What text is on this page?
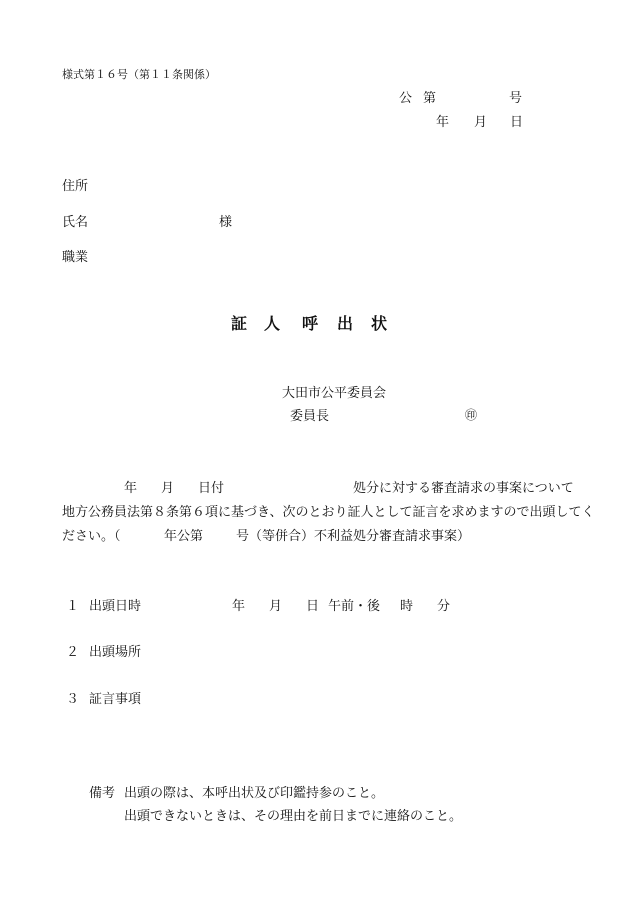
様式第１６号（第１１条関係）
公 第	号
年 月 日
住所
氏名	様
職業
証 人 呼 出 状
大田市公平委員会
委員長	㊞
年 月 日付	処分に対する審査請求の事案について
地方公務員法第８条第６項に基づき、次のとおり証人として証言を求めますので出頭してく
ださい。（	年公第	号（等併合）不利益処分審査請求事案）
１ 出頭日時	年 月 日 午前・後 時 分
２ 出頭場所
３ 証言事項
備考 出頭の際は、本呼出状及び印鑑持参のこと。
出頭できないときは、その理由を前日までに連絡のこと。
